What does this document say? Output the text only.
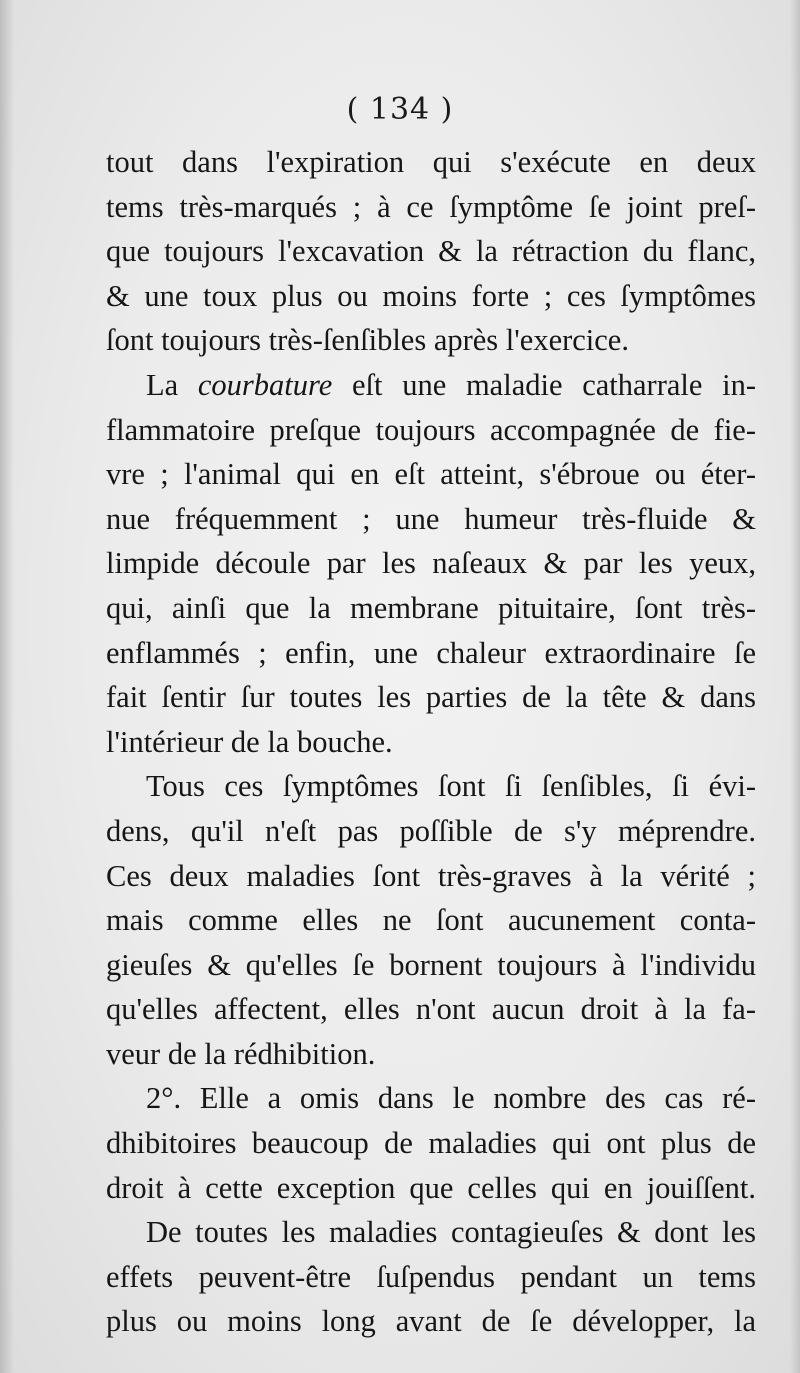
( 134 )
tout dans l'expiration qui s'exécute en deux
tems très-marqués ; à ce ſymptôme ſe joint preſ-
que toujours l'excavation & la rétraction du flanc,
& une toux plus ou moins forte ; ces ſymptômes
ſont toujours très-ſenſibles après l'exercice.
La courbature eſt une maladie catharrale in-
flammatoire preſque toujours accompagnée de fie-
vre ; l'animal qui en eſt atteint, s'ébroue ou éter-
nue fréquemment ; une humeur très-fluide &
limpide découle par les naſeaux & par les yeux,
qui, ainſi que la membrane pituitaire, ſont très-
enflammés ; enfin, une chaleur extraordinaire ſe
fait ſentir ſur toutes les parties de la tête & dans
l'intérieur de la bouche.
Tous ces ſymptômes ſont ſi ſenſibles, ſi évi-
dens, qu'il n'eſt pas poſſible de s'y méprendre.
Ces deux maladies ſont très-graves à la vérité ;
mais comme elles ne ſont aucunement conta-
gieuſes & qu'elles ſe bornent toujours à l'individu
qu'elles affectent, elles n'ont aucun droit à la fa-
veur de la rédhibition.
2°. Elle a omis dans le nombre des cas ré-
dhibitoires beaucoup de maladies qui ont plus de
droit à cette exception que celles qui en jouiſſent.
De toutes les maladies contagieuſes & dont les
effets peuvent-être ſuſpendus pendant un tems
plus ou moins long avant de ſe développer, la
